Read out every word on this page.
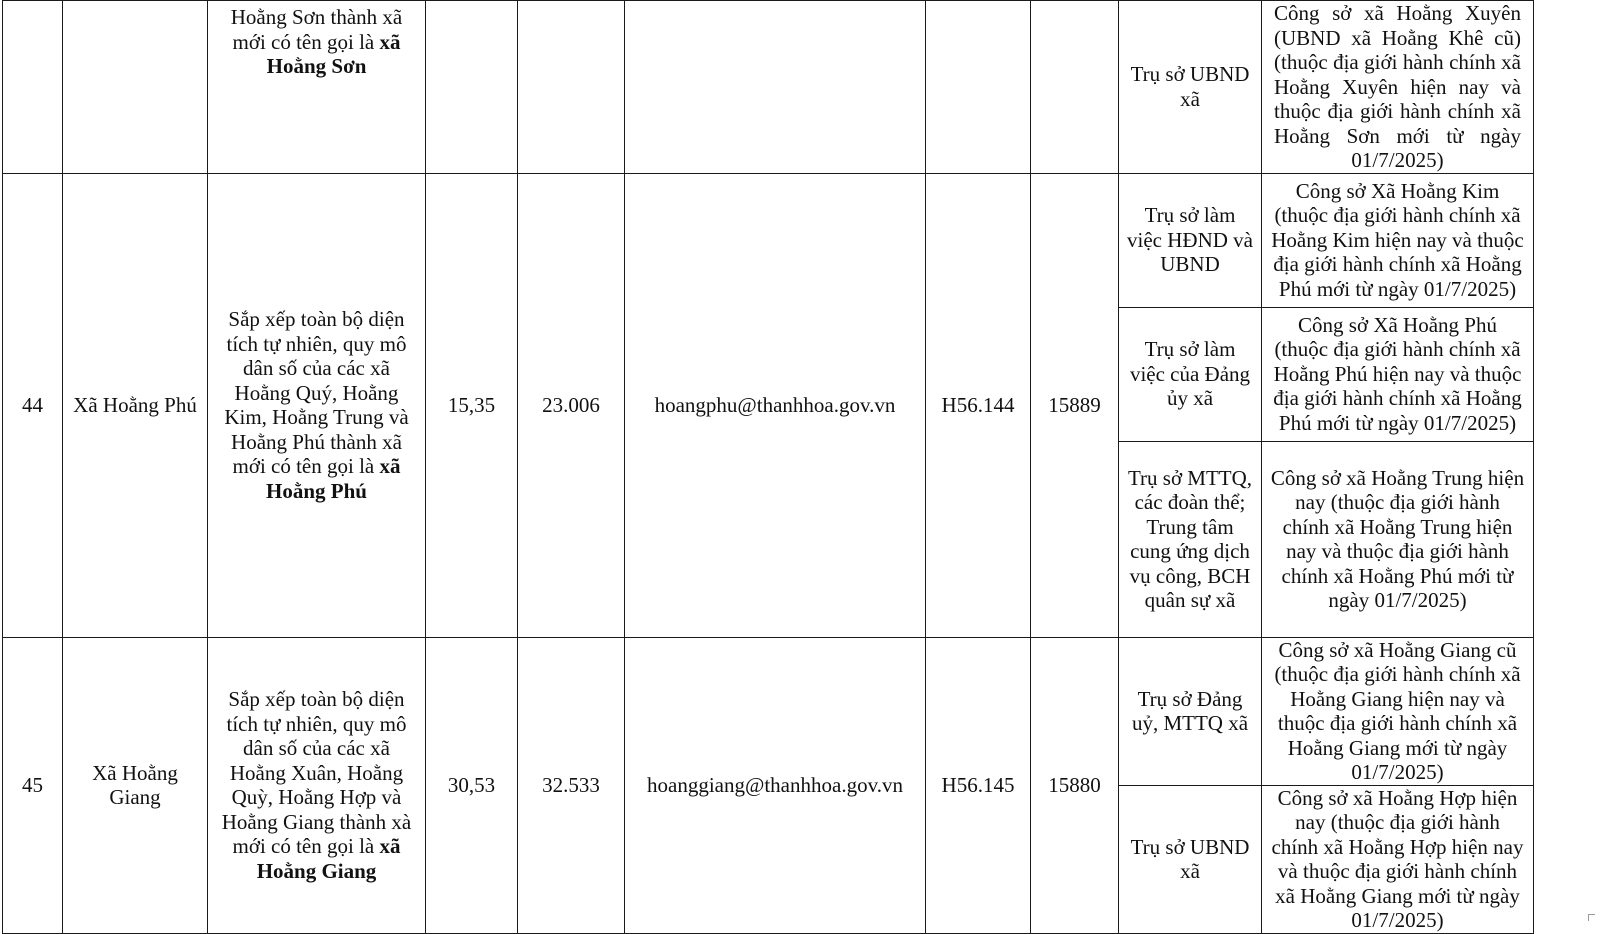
		Hoằng Sơn thành xã mới có tên gọi là xã Hoằng Sơn						Trụ sở UBND xã	Công sở xã Hoằng Xuyên (UBND xã Hoằng Khê cũ) (thuộc địa giới hành chính xã Hoằng Xuyên hiện nay và thuộc địa giới hành chính xã Hoằng Sơn mới từ ngày 01/7/2025)
44	Xã Hoằng Phú	Sắp xếp toàn bộ diện tích tự nhiên, quy mô dân số của các xã Hoằng Quý, Hoằng Kim, Hoằng Trung và Hoằng Phú thành xã mới có tên gọi là xã Hoằng Phú	15,35	23.006	hoangphu@thanhhoa.gov.vn	H56.144	15889	Trụ sở làm việc HĐND và UBND	Công sở Xã Hoằng Kim (thuộc địa giới hành chính xã Hoằng Kim hiện nay và thuộc địa giới hành chính xã Hoằng Phú mới từ ngày 01/7/2025)
								Trụ sở làm việc của Đảng ủy xã	Công sở Xã Hoằng Phú (thuộc địa giới hành chính xã Hoằng Phú hiện nay và thuộc địa giới hành chính xã Hoằng Phú mới từ ngày 01/7/2025)
								Trụ sở MTTQ, các đoàn thể; Trung tâm cung ứng dịch vụ công, BCH quân sự xã	Công sở xã Hoằng Trung hiện nay (thuộc địa giới hành chính xã Hoằng Trung hiện nay và thuộc địa giới hành chính xã Hoằng Phú mới từ ngày 01/7/2025)
45	Xã Hoằng Giang	Sắp xếp toàn bộ diện tích tự nhiên, quy mô dân số của các xã Hoằng Xuân, Hoằng Quỳ, Hoằng Hợp và Hoằng Giang thành xà mới có tên gọi là xã Hoằng Giang	30,53	32.533	hoanggiang@thanhhoa.gov.vn	H56.145	15880	Trụ sở Đảng uỷ, MTTQ xã	Công sở xã Hoằng Giang cũ (thuộc địa giới hành chính xã Hoằng Giang hiện nay và thuộc địa giới hành chính xã Hoằng Giang mới từ ngày 01/7/2025)
								Trụ sở UBND xã	Công sở xã Hoằng Hợp hiện nay (thuộc địa giới hành chính xã Hoằng Hợp hiện nay và thuộc địa giới hành chính xã Hoằng Giang mới từ ngày 01/7/2025)
